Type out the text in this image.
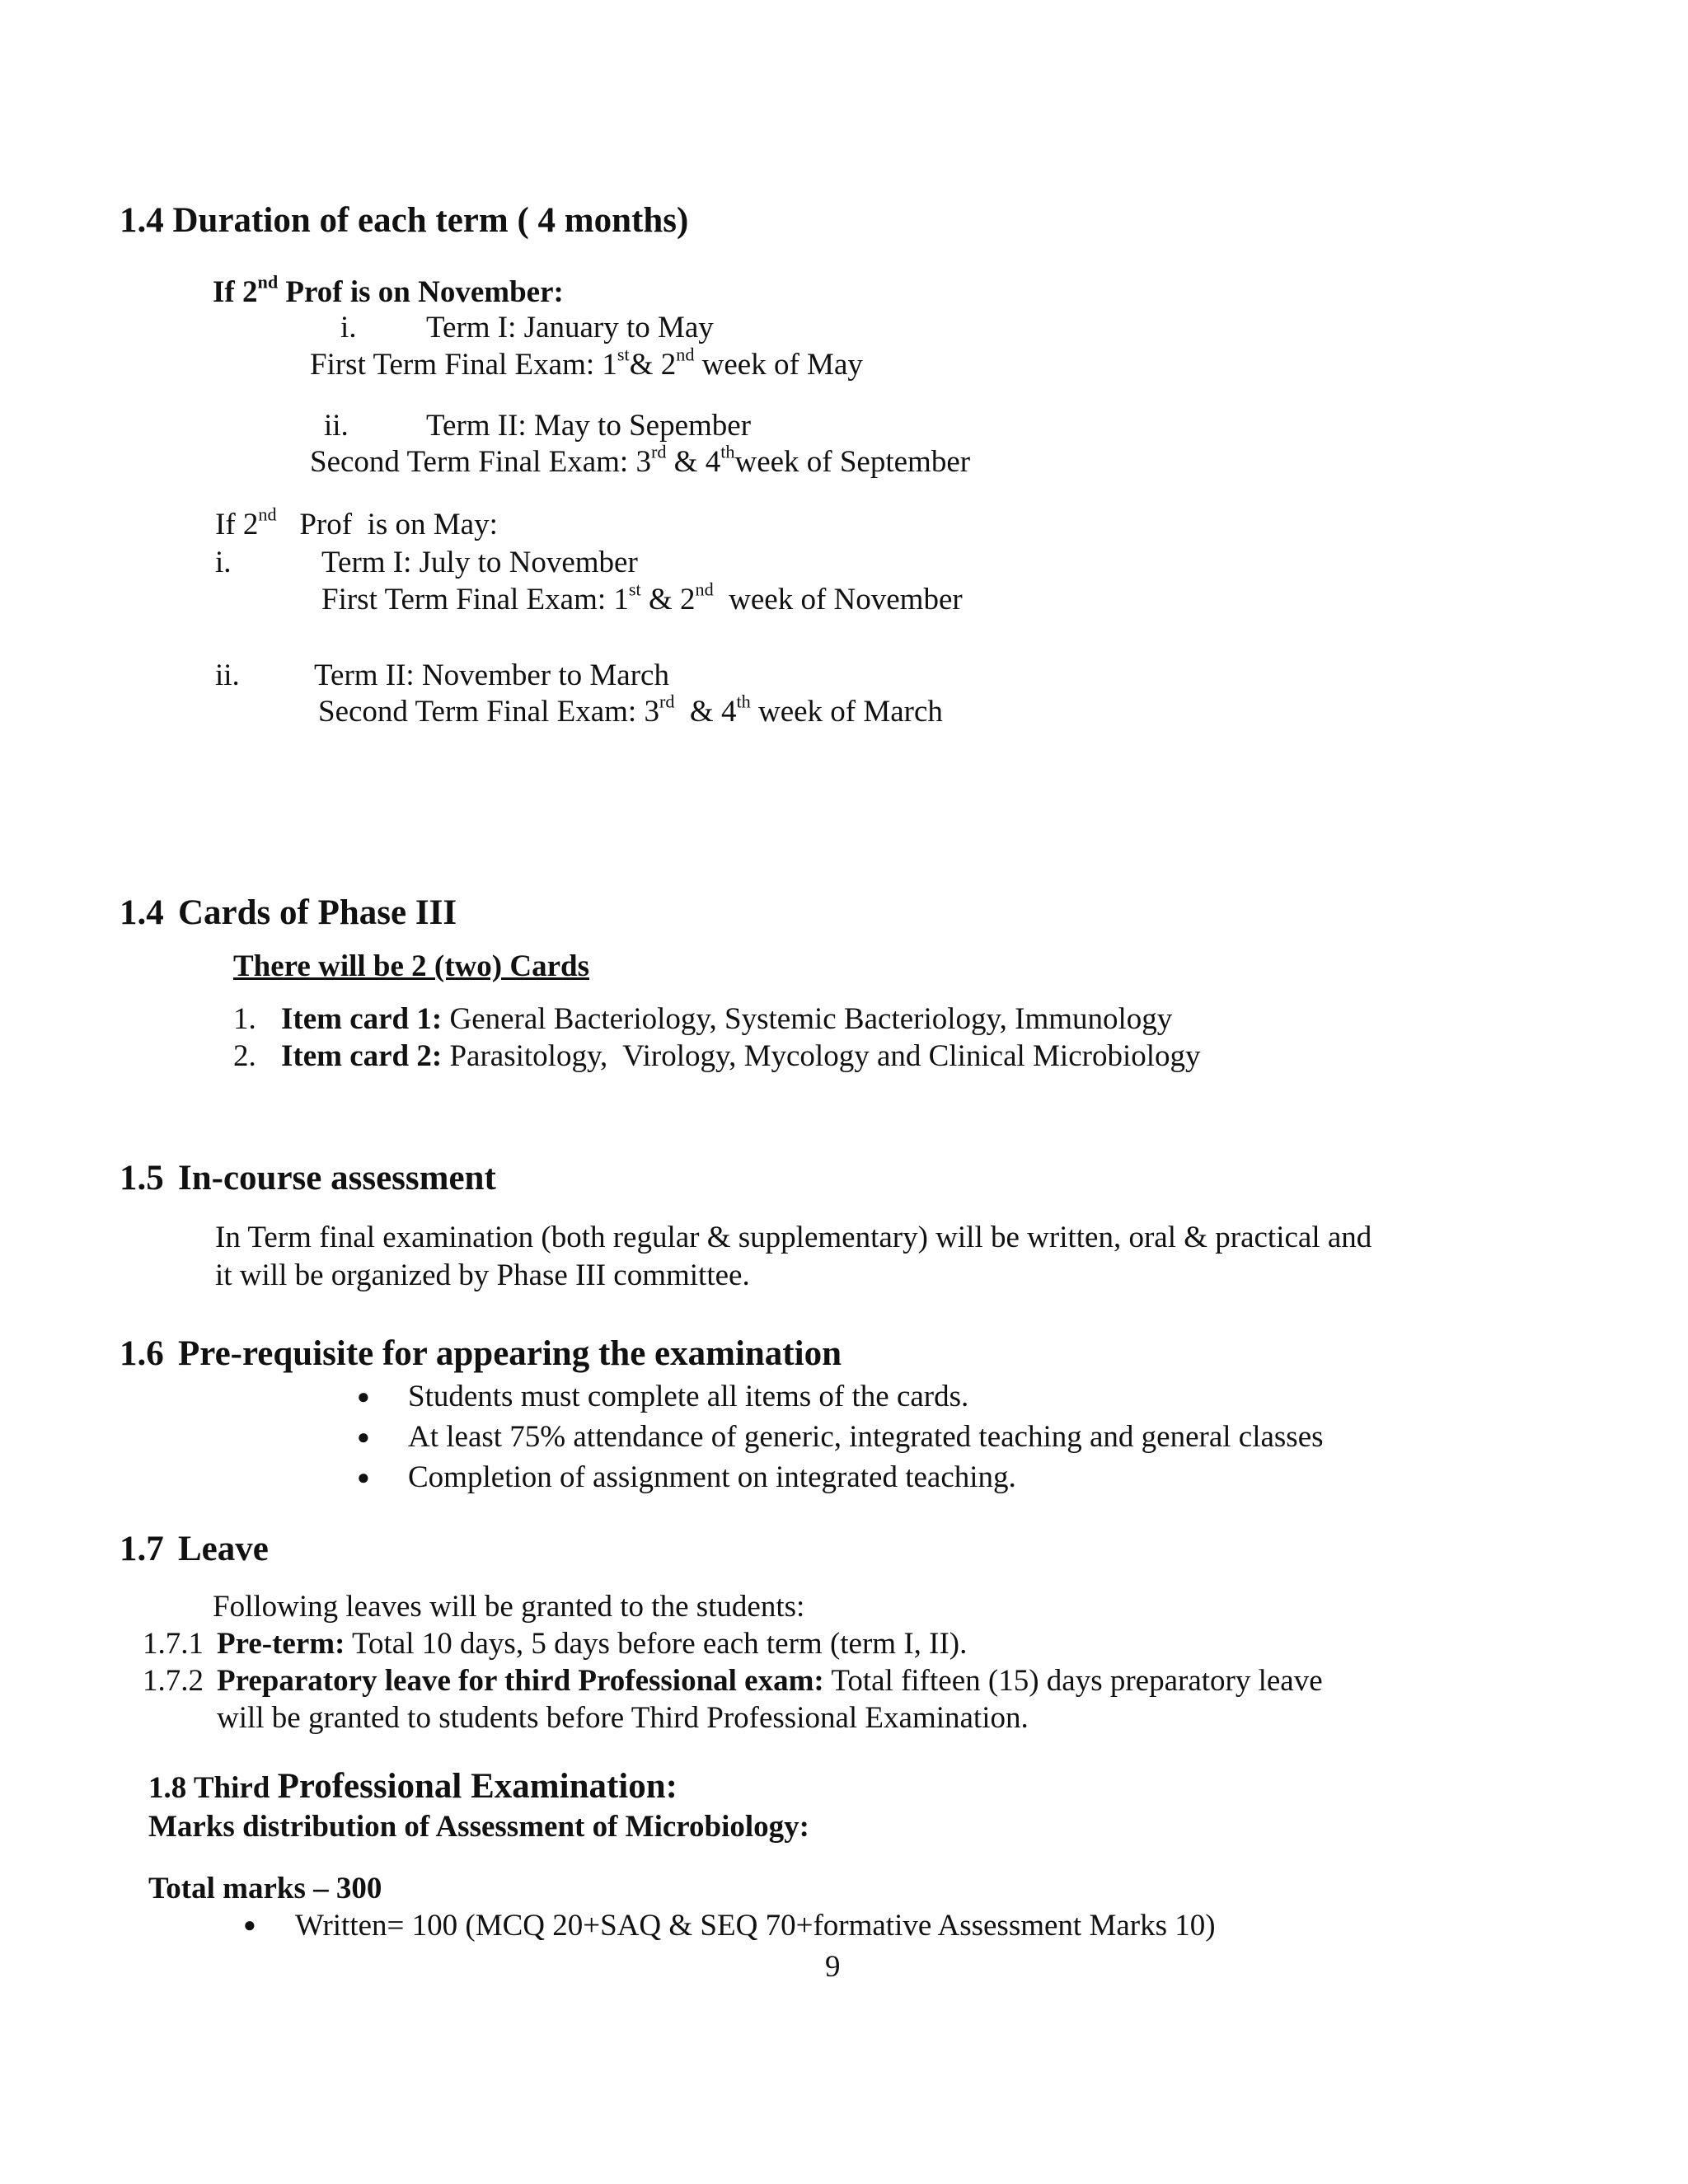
1.4 Duration of each term ( 4 months)
If 2nd Prof is on November:
i. Term I: January to May
First Term Final Exam: 1st& 2nd week of May
ii.	Term II: May to Sepember
Second Term Final Exam: 3rd & 4thweek of September
If 2nd   Prof  is on May:
i.	Term I: July to November
First Term Final Exam: 1st & 2nd  week of November
ii. Term II: November to March
Second Term Final Exam: 3rd  & 4th week of March
1.4 Cards of Phase III
There will be 2 (two) Cards
1. Item card 1: General Bacteriology, Systemic Bacteriology, Immunology
2. Item card 2: Parasitology,  Virology, Mycology and Clinical Microbiology
1.5 In-course assessment
In Term final examination (both regular & supplementary) will be written, oral & practical and
it will be organized by Phase III committee.
1.6 Pre-requisite for appearing the examination
● Students must complete all items of the cards.
● At least 75% attendance of generic, integrated teaching and general classes
● Completion of assignment on integrated teaching.
1.7 Leave
Following leaves will be granted to the students:
1.7.1 Pre-term: Total 10 days, 5 days before each term (term I, II).
1.7.2 Preparatory leave for third Professional exam: Total fifteen (15) days preparatory leave
will be granted to students before Third Professional Examination.
1.8 Third Professional Examination:
Marks distribution of Assessment of Microbiology:
Total marks – 300
● Written= 100 (MCQ 20+SAQ & SEQ 70+formative Assessment Marks 10)
9
